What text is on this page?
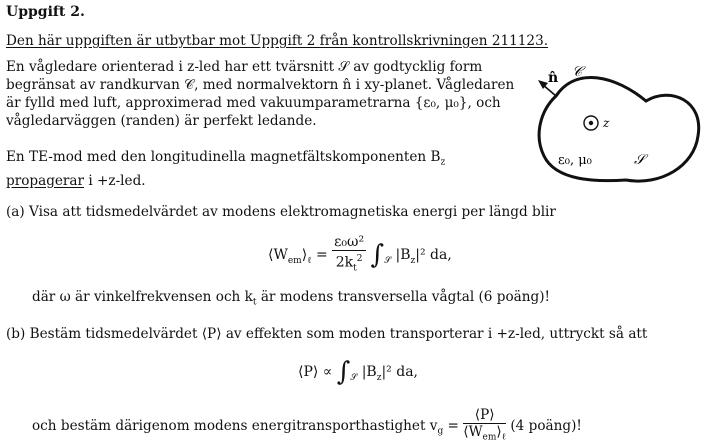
Uppgift 2.
Den här uppgiften är utbytbar mot Uppgift 2 från kontrollskrivningen 211123.
En vågledare orienterad i z-led har ett tvärsnitt 𝒮 av godtycklig form begränsat av randkurvan 𝒞, med normalvektorn n̂ i xy-planet. Vågledaren är fylld med luft, approximerad med vakuumparametrarna {ε₀, μ₀}, och vågledarväggen (randen) är perfekt ledande.
En TE-mod med den longitudinella magnetfältskomponenten $B_z$ propagerar i +z-led.
n̂ 𝒞
z
ε₀, μ₀	𝒮
(a) Visa att tidsmedelvärdet av modens elektromagnetiska energi per längd blir
$⟨W_{em}⟩_\ell = \frac{\text{ε₀ω²}}{2k_t^2} \int_𝒮$ $|B_z|^2$ da,
där ω är vinkelfrekvensen och $k_t$ är modens transversella vågtal (6 poäng)!
(b) Bestäm tidsmedelvärdet ⟨P⟩ av effekten som moden transporterar i +z-led, uttryckt så att
⟨P⟩ ∝ $\int_𝒮$ $|B_z|^2$ da,
och bestäm därigenom modens energitransporthastighet $v_g = \frac{⟨P⟩}{⟨W_{em}⟩_\ell} (4$ poäng)!
